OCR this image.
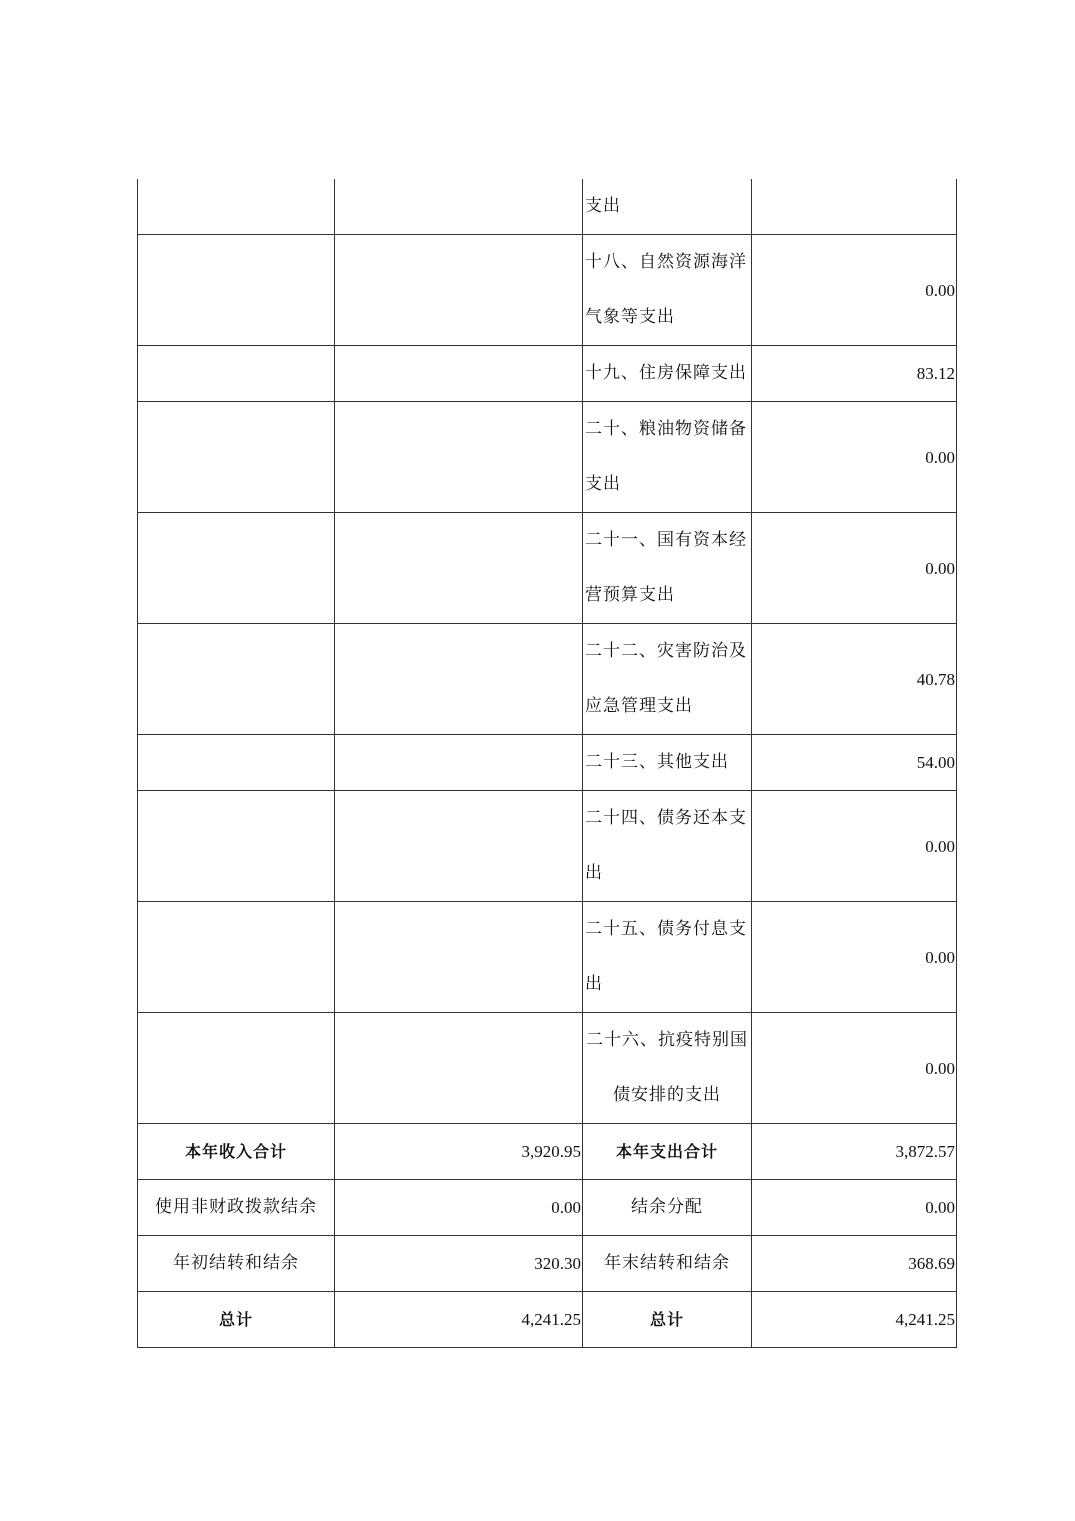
		支出	
		十八、自然资源海洋气象等支出	0.00
		十九、住房保障支出	83.12
		二十、粮油物资储备支出	0.00
		二十一、国有资本经营预算支出	0.00
		二十二、灾害防治及应急管理支出	40.78
		二十三、其他支出	54.00
		二十四、债务还本支出	0.00
		二十五、债务付息支出	0.00
		二十六、抗疫特别国债安排的支出	0.00
本年收入合计	3,920.95	本年支出合计	3,872.57
使用非财政拨款结余	0.00	结余分配	0.00
年初结转和结余	320.30	年末结转和结余	368.69
总计	4,241.25	总计	4,241.25
